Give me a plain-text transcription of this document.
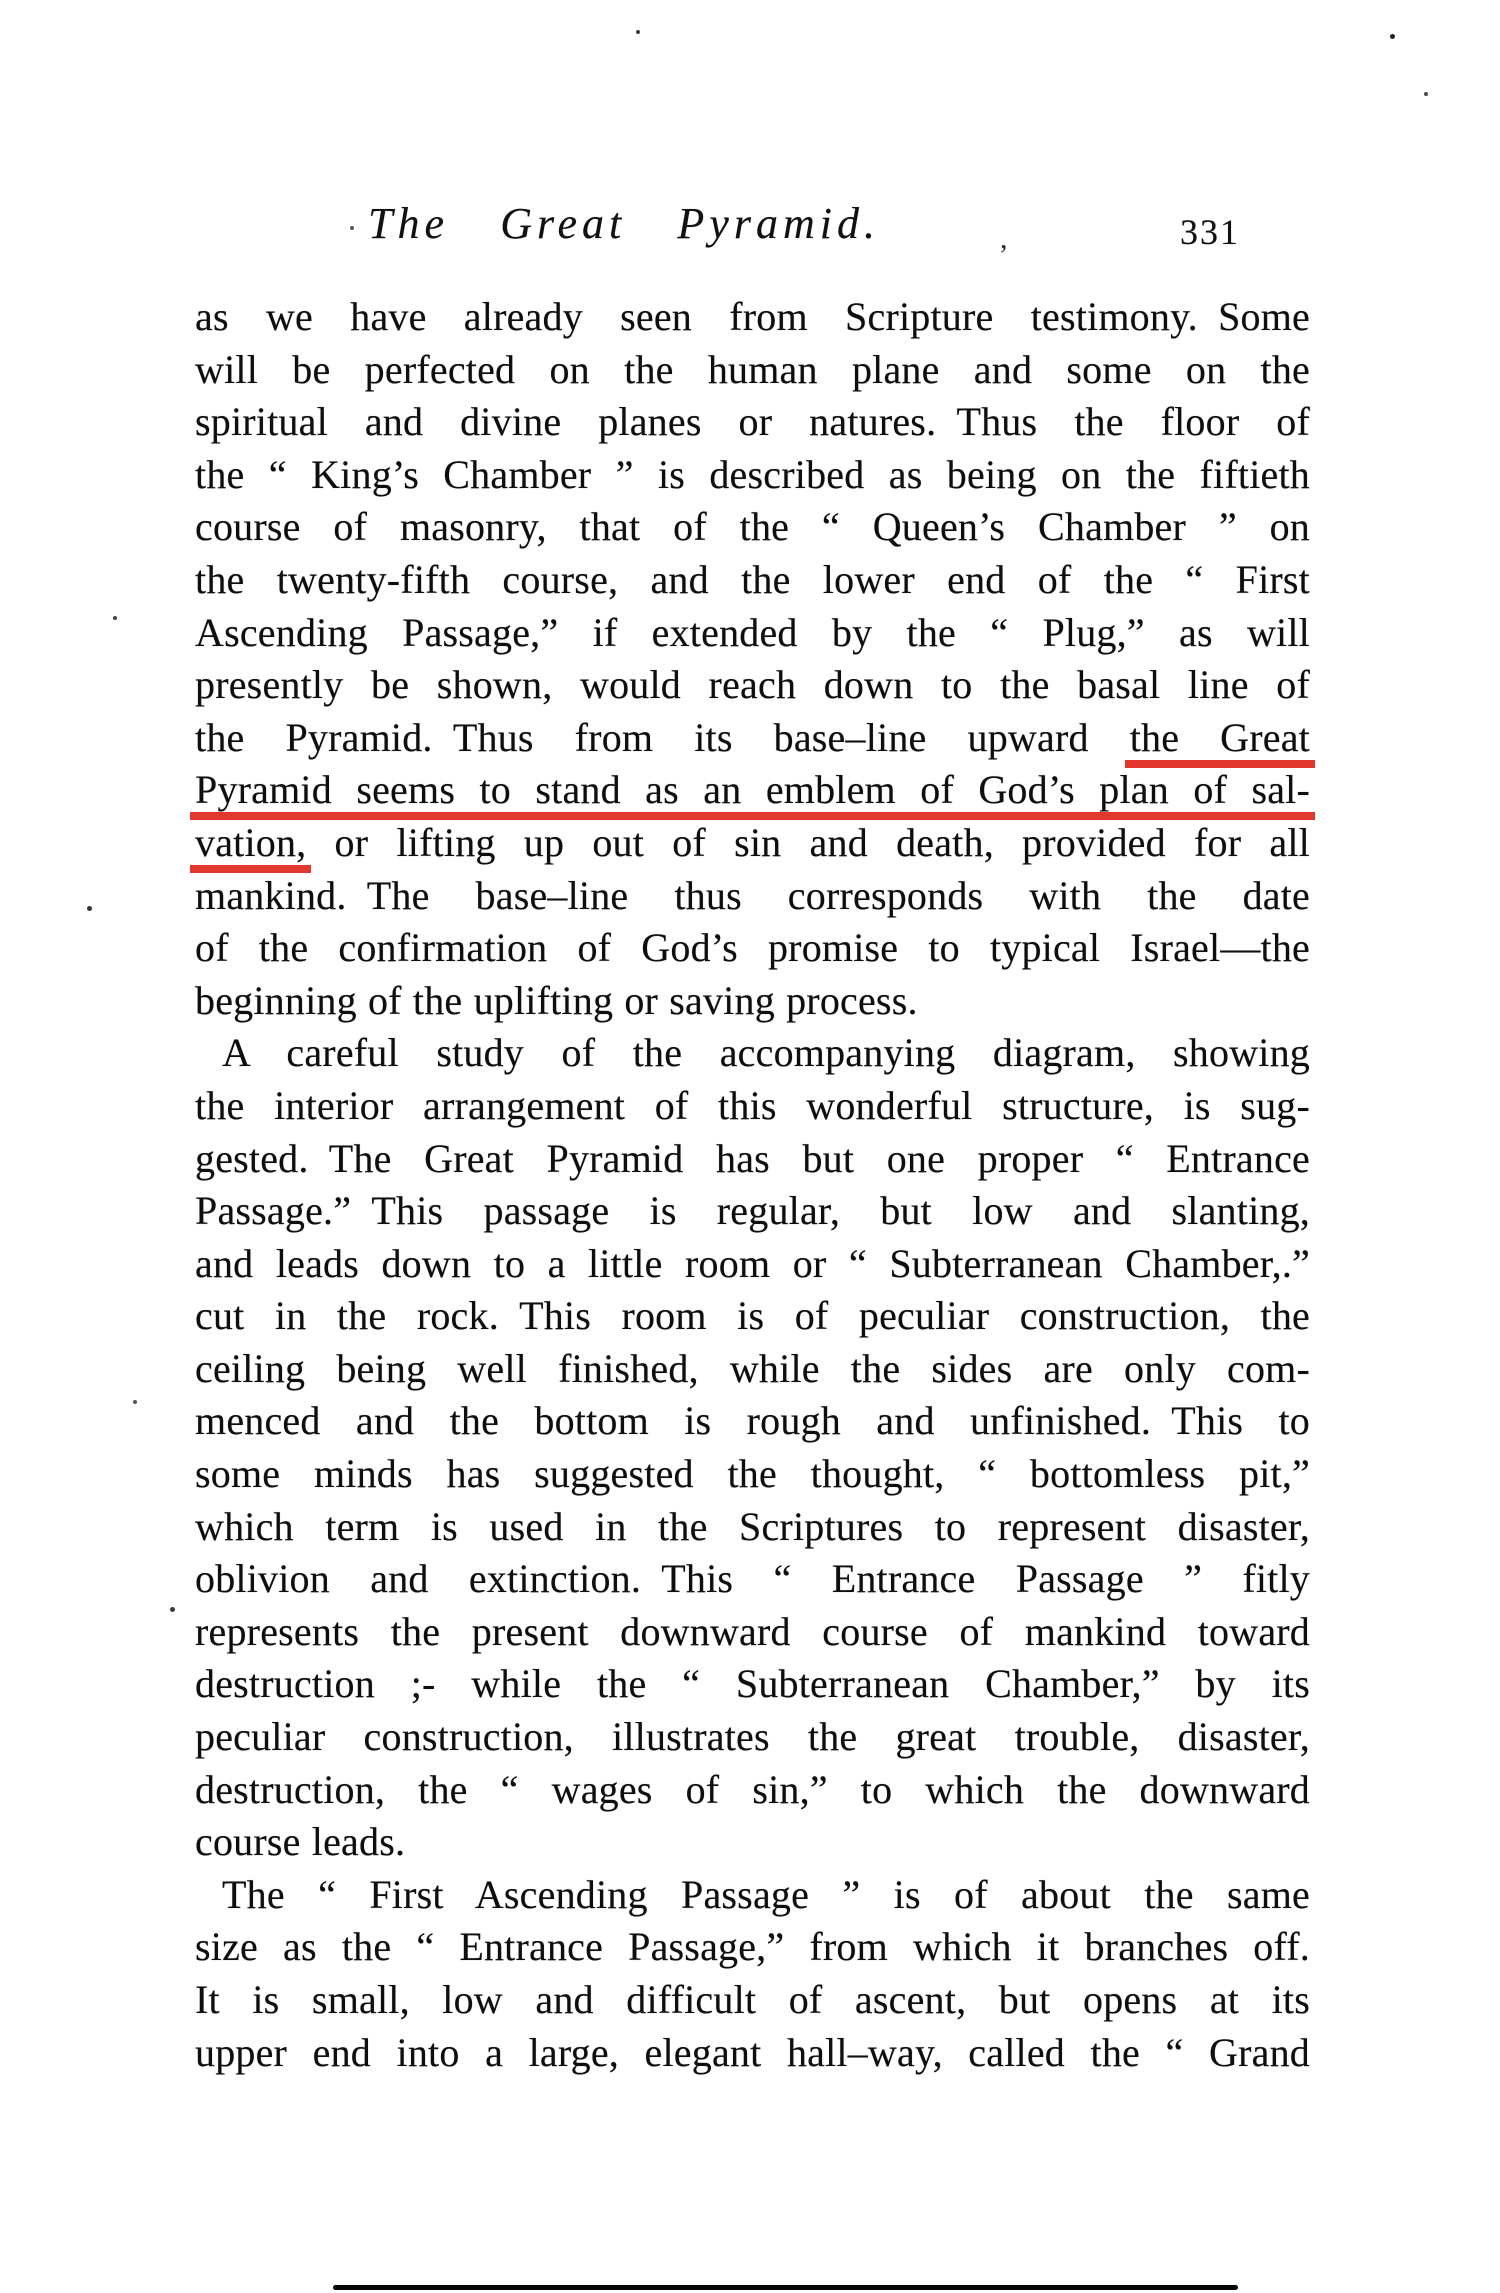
The Great Pyramid.	331
as we have already seen from Scripture testimony. Some
will be perfected on the human plane and some on the
spiritual and divine planes or natures. Thus the floor of
the “ King’s Chamber ” is described as being on the fiftieth
course of masonry, that of the “ Queen’s Chamber ” on
the twenty-fifth course, and the lower end of the “ First
Ascending Passage,” if extended by the “ Plug,” as will
presently be shown, would reach down to the basal line of
the Pyramid. Thus from its base–line upward the Great
Pyramid seems to stand as an emblem of God’s plan of sal-
vation, or lifting up out of sin and death, provided for all
mankind. The base–line thus corresponds with the date
of the confirmation of God’s promise to typical Israel—the
beginning of the uplifting or saving process.
A careful study of the accompanying diagram, showing
the interior arrangement of this wonderful structure, is sug-
gested. The Great Pyramid has but one proper “ Entrance
Passage.” This passage is regular, but low and slanting,
and leads down to a little room or “ Subterranean Chamber,.”
cut in the rock. This room is of peculiar construction, the
ceiling being well finished, while the sides are only com-
menced and the bottom is rough and unfinished. This to
some minds has suggested the thought, “ bottomless pit,”
which term is used in the Scriptures to represent disaster,
oblivion and extinction. This “ Entrance Passage ” fitly
represents the present downward course of mankind toward
destruction ;- while the “ Subterranean Chamber,” by its
peculiar construction, illustrates the great trouble, disaster,
destruction, the “ wages of sin,” to which the downward
course leads.
The “ First Ascending Passage ” is of about the same
size as the “ Entrance Passage,” from which it branches off.
It is small, low and difficult of ascent, but opens at its
upper end into a large, elegant hall–way, called the “ Grand
,
